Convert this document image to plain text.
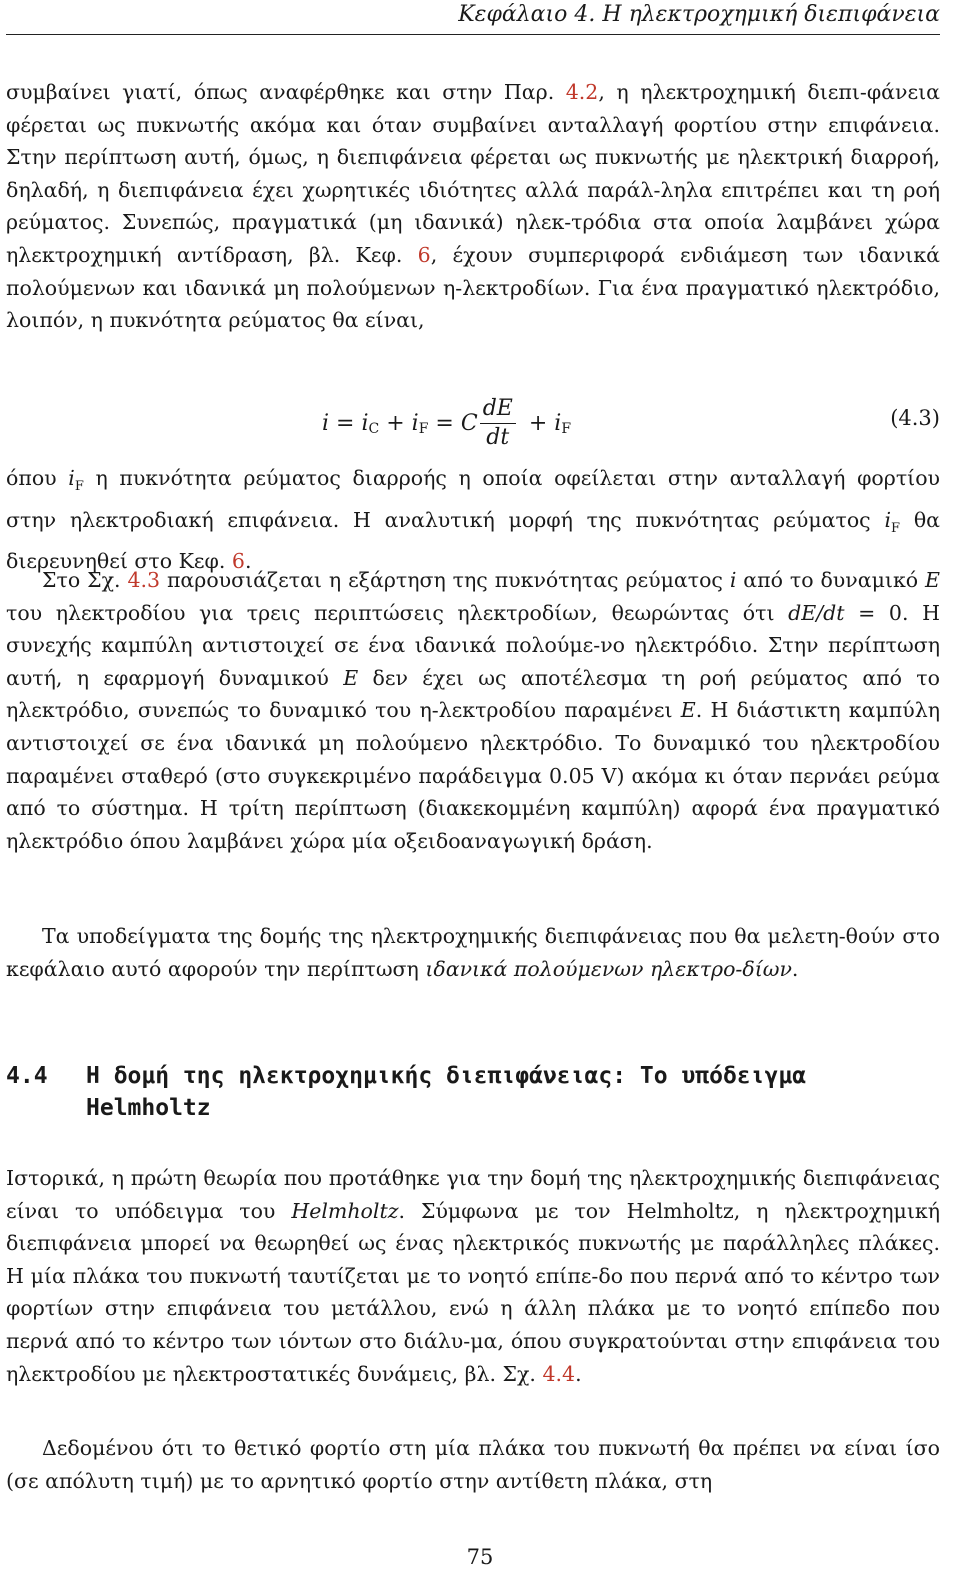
Κεφάλαιο 4. Η ηλεκτροχημική διεπιφάνεια

συμβαίνει γιατί, όπως αναφέρθηκε και στην Παρ. 4.2, η ηλεκτροχημική διεπι-φάνεια φέρεται ως πυκνωτής ακόμα και όταν συμβαίνει ανταλλαγή φορτίου στην επιφάνεια. Στην περίπτωση αυτή, όμως, η διεπιφάνεια φέρεται ως πυκνωτής με ηλεκτρική διαρροή, δηλαδή, η διεπιφάνεια έχει χωρητικές ιδιότητες αλλά παράλ-ληλα επιτρέπει και τη ροή ρεύματος. Συνεπώς, πραγματικά (μη ιδανικά) ηλεκ-τρόδια στα οποία λαμβάνει χώρα ηλεκτροχημική αντίδραση, βλ. Κεφ. 6, έχουν συμπεριφορά ενδιάμεση των ιδανικά πολούμενων και ιδανικά μη πολούμενων η-λεκτροδίων. Για ένα πραγματικό ηλεκτρόδιο, λοιπόν, η πυκνότητα ρεύματος θα είναι,

i = i C + i F = C $\frac{dE}{dt} + i$ F	(4.3)

όπου $i_F$ η πυκνότητα ρεύματος διαρροής η οποία οφείλεται στην ανταλλαγή φορτίου στην ηλεκτροδιακή επιφάνεια. Η αναλυτική μορφή της πυκνότητας ρεύματος $i_F$ θα διερευνηθεί στο Κεφ. 6.

Στο Σχ. 4.3 παρουσιάζεται η εξάρτηση της πυκνότητας ρεύματος i από το δυναμικό E του ηλεκτροδίου για τρεις περιπτώσεις ηλεκτροδίων, θεωρώντας ότι dE/dt = 0. Η συνεχής καμπύλη αντιστοιχεί σε ένα ιδανικά πολούμε-νο ηλεκτρόδιο. Στην περίπτωση αυτή, η εφαρμογή δυναμικού E δεν έχει ως αποτέλεσμα τη ροή ρεύματος από το ηλεκτρόδιο, συνεπώς το δυναμικό του η-λεκτροδίου παραμένει E. Η διάστικτη καμπύλη αντιστοιχεί σε ένα ιδανικά μη πολούμενο ηλεκτρόδιο. Το δυναμικό του ηλεκτροδίου παραμένει σταθερό (στο συγκεκριμένο παράδειγμα 0.05 V) ακόμα κι όταν περνάει ρεύμα από το σύστημα. Η τρίτη περίπτωση (διακεκομμένη καμπύλη) αφορά ένα πραγματικό ηλεκτρόδιο όπου λαμβάνει χώρα μία οξειδοαναγωγική δράση.

Τα υποδείγματα της δομής της ηλεκτροχημικής διεπιφάνειας που θα μελετη-θούν στο κεφάλαιο αυτό αφορούν την περίπτωση ιδανικά πολούμενων ηλεκτρο-δίων.

4.4 Η δομή της ηλεκτροχημικής διεπιφάνειας: Το υπόδειγμα Helmholtz

Ιστορικά, η πρώτη θεωρία που προτάθηκε για την δομή της ηλεκτροχημικής διεπιφάνειας είναι το υπόδειγμα του Helmholtz. Σύμφωνα με τον Helmholtz, η ηλεκτροχημική διεπιφάνεια μπορεί να θεωρηθεί ως ένας ηλεκτρικός πυκνωτής με παράλληλες πλάκες. Η μία πλάκα του πυκνωτή ταυτίζεται με το νοητό επίπε-δο που περνά από το κέντρο των φορτίων στην επιφάνεια του μετάλλου, ενώ η άλλη πλάκα με το νοητό επίπεδο που περνά από το κέντρο των ιόντων στο διάλυ-μα, όπου συγκρατούνται στην επιφάνεια του ηλεκτροδίου με ηλεκτροστατικές δυνάμεις, βλ. Σχ. 4.4.

Δεδομένου ότι το θετικό φορτίο στη μία πλάκα του πυκνωτή θα πρέπει να είναι ίσο (σε απόλυτη τιμή) με το αρνητικό φορτίο στην αντίθετη πλάκα, στη

75
